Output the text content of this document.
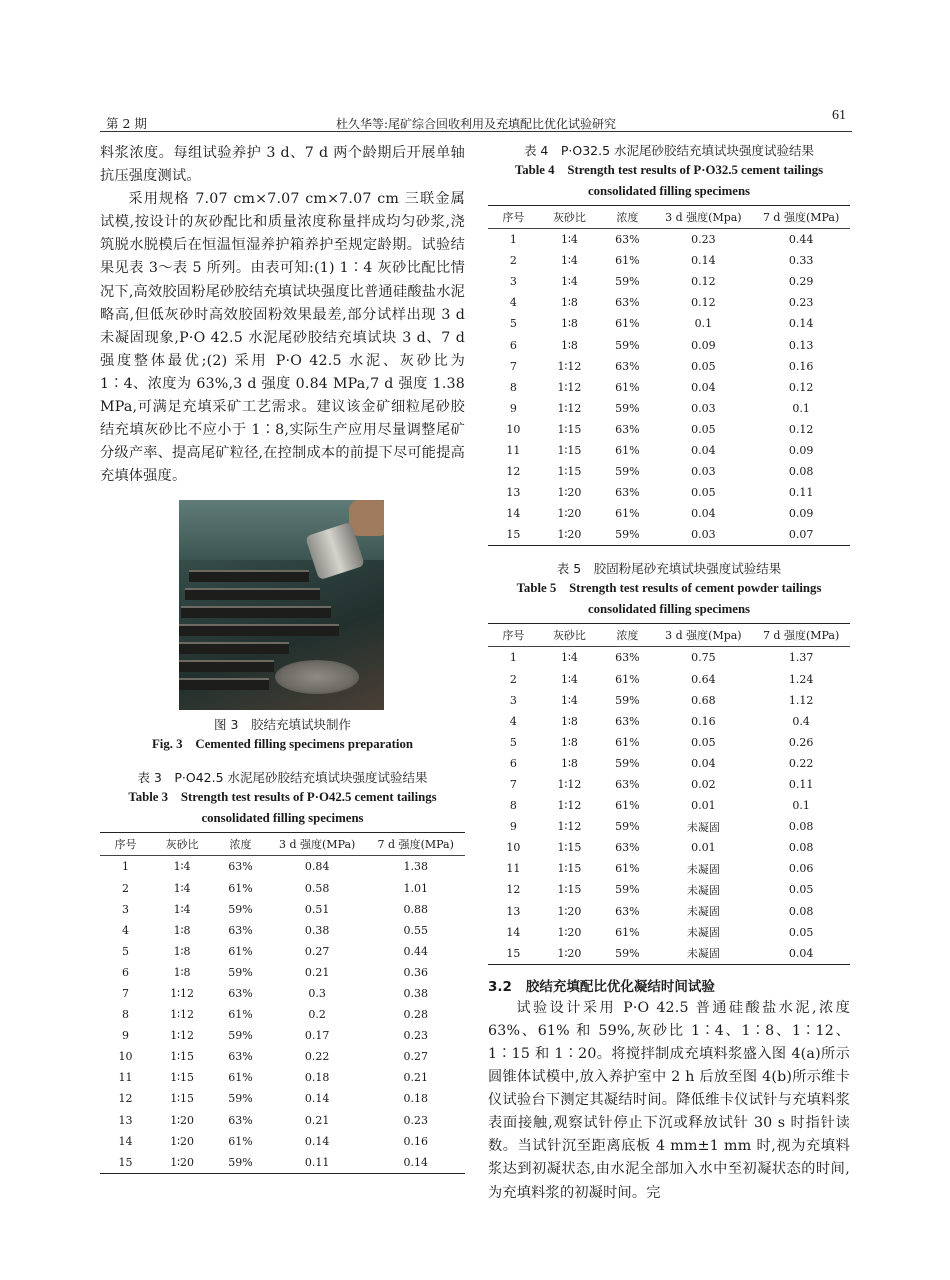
第 2 期	杜久华等:尾矿综合回收利用及充填配比优化试验研究
61

料浆浓度。每组试验养护 3 d、7 d 两个龄期后开展单轴抗压强度测试。

采用规格 7.07 cm×7.07 cm×7.07 cm 三联金属试模,按设计的灰砂配比和质量浓度称量拌成均匀砂浆,浇筑脱水脱模后在恒温恒湿养护箱养护至规定龄期。试验结果见表 3～表 5 所列。由表可知:(1) 1∶4 灰砂比配比情况下,高效胶固粉尾砂胶结充填试块强度比普通硅酸盐水泥略高,但低灰砂时高效胶固粉效果最差,部分试样出现 3 d 未凝固现象,P·O 42.5 水泥尾砂胶结充填试块 3 d、7 d 强度整体最优;(2) 采用 P·O 42.5 水泥、灰砂比为 1∶4、浓度为 63%,3 d 强度 0.84 MPa,7 d 强度 1.38 MPa,可满足充填采矿工艺需求。建议该金矿细粒尾砂胶结充填灰砂比不应小于 1∶8,实际生产应用尽量调整尾矿分级产率、提高尾矿粒径,在控制成本的前提下尽可能提高充填体强度。

图 3　胶结充填试块制作

Fig. 3　Cemented filling specimens preparation

表 3　P·O42.5 水泥尾砂胶结充填试块强度试验结果

Table 3　Strength test results of P·O42.5 cement tailings

consolidated filling specimens

序号	灰砂比	浓度	3 d 强度(MPa)	7 d 强度(MPa)
1	1∶4	63%	0.84	1.38
2	1∶4	61%	0.58	1.01
3	1∶4	59%	0.51	0.88
4	1∶8	63%	0.38	0.55
5	1∶8	61%	0.27	0.44
6	1∶8	59%	0.21	0.36
7	1∶12	63%	0.3	0.38
8	1∶12	61%	0.2	0.28
9	1∶12	59%	0.17	0.23
10	1∶15	63%	0.22	0.27
11	1∶15	61%	0.18	0.21
12	1∶15	59%	0.14	0.18
13	1∶20	63%	0.21	0.23
14	1∶20	61%	0.14	0.16
15	1∶20	59%	0.11	0.14

表 4　P·O32.5 水泥尾砂胶结充填试块强度试验结果

Table 4　Strength test results of P·O32.5 cement tailings

consolidated filling specimens

序号	灰砂比	浓度	3 d 强度(Mpa)	7 d 强度(MPa)
1	1∶4	63%	0.23	0.44
2	1∶4	61%	0.14	0.33
3	1∶4	59%	0.12	0.29
4	1∶8	63%	0.12	0.23
5	1∶8	61%	0.1	0.14
6	1∶8	59%	0.09	0.13
7	1∶12	63%	0.05	0.16
8	1∶12	61%	0.04	0.12
9	1∶12	59%	0.03	0.1
10	1∶15	63%	0.05	0.12
11	1∶15	61%	0.04	0.09
12	1∶15	59%	0.03	0.08
13	1∶20	63%	0.05	0.11
14	1∶20	61%	0.04	0.09
15	1∶20	59%	0.03	0.07

表 5　胶固粉尾砂充填试块强度试验结果

Table 5　Strength test results of cement powder tailings

consolidated filling specimens

序号	灰砂比	浓度	3 d 强度(Mpa)	7 d 强度(MPa)
1	1∶4	63%	0.75	1.37
2	1∶4	61%	0.64	1.24
3	1∶4	59%	0.68	1.12
4	1∶8	63%	0.16	0.4
5	1∶8	61%	0.05	0.26
6	1∶8	59%	0.04	0.22
7	1∶12	63%	0.02	0.11
8	1∶12	61%	0.01	0.1
9	1∶12	59%	未凝固	0.08
10	1∶15	63%	0.01	0.08
11	1∶15	61%	未凝固	0.06
12	1∶15	59%	未凝固	0.05
13	1∶20	63%	未凝固	0.08
14	1∶20	61%	未凝固	0.05
15	1∶20	59%	未凝固	0.04
3.2 胶结充填配比优化凝结时间试验

试验设计采用 P·O 42.5 普通硅酸盐水泥,浓度 63%、61% 和 59%,灰砂比 1∶4、1∶8、1∶12、1∶15 和 1∶20。将搅拌制成充填料浆盛入图 4(a)所示圆锥体试模中,放入养护室中 2 h 后放至图 4(b)所示维卡仪试验台下测定其凝结时间。降低维卡仪试针与充填料浆表面接触,观察试针停止下沉或释放试针 30 s 时指针读数。当试针沉至距离底板 4 mm±1 mm 时,视为充填料浆达到初凝状态,由水泥全部加入水中至初凝状态的时间,为充填料浆的初凝时间。完
